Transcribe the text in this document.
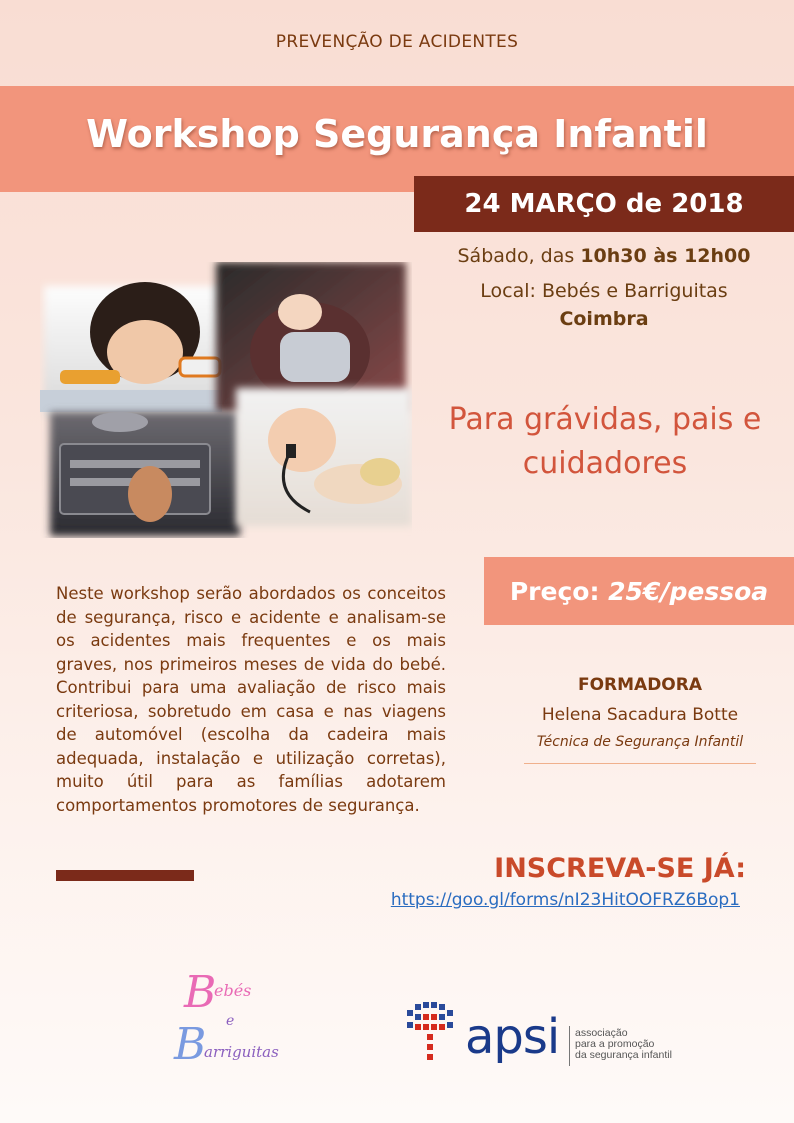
PREVENÇÃO DE ACIDENTES
Workshop Segurança Infantil
24 MARÇO de 2018
Sábado, das 10h30 às 12h00
Local: Bebés e Barriguitas
Coimbra
Para grávidas, pais e cuidadores
Preço: 25€/pessoa
Neste workshop serão abordados os conceitos de segurança, risco e acidente e analisam-se os acidentes mais frequentes e os mais graves, nos primeiros meses de vida do bebé. Contribui para uma avaliação de risco mais criteriosa, sobretudo em casa e nas viagens de automóvel (escolha da cadeira mais adequada, instalação e utilização corretas), muito útil para as famílias adotarem comportamentos promotores de segurança.
FORMADORA
Helena Sacadura Botte
Técnica de Segurança Infantil
INSCREVA-SE JÁ:
https://goo.gl/forms/nI23HitOOFRZ6Bop1
B
ebés
e
B
arriguitas	apsi associação
para a promoção
da segurança infantil
